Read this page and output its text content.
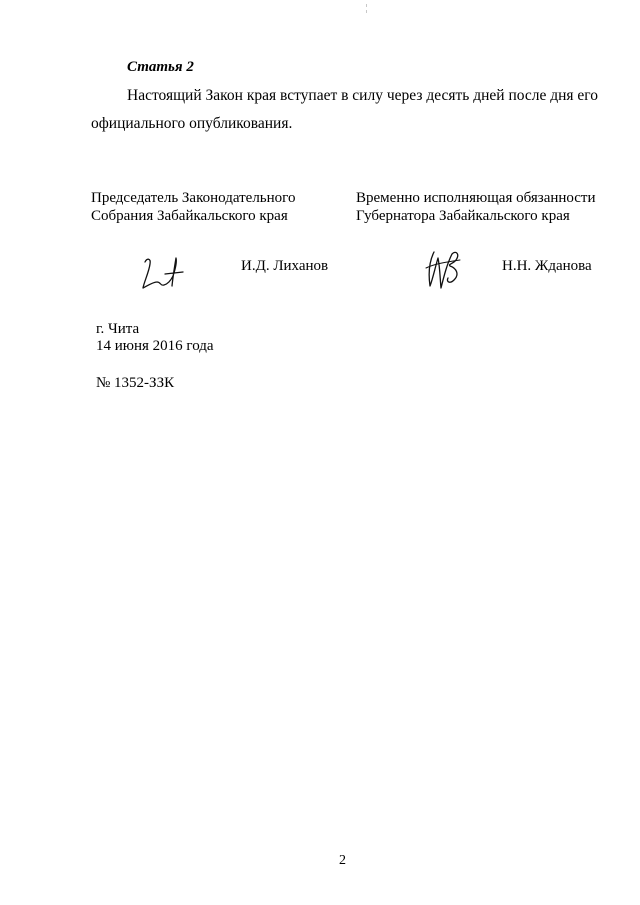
Статья 2
Настоящий Закон края вступает в силу через десять дней после дня его
официального опубликования.
Председатель Законодательного
Собрания Забайкальского края
Временно исполняющая обязанности
Губернатора Забайкальского края
И.Д. Лиханов	Н.Н. Жданова
г. Чита
14 июня 2016 года
№ 1352-ЗЗК
2
